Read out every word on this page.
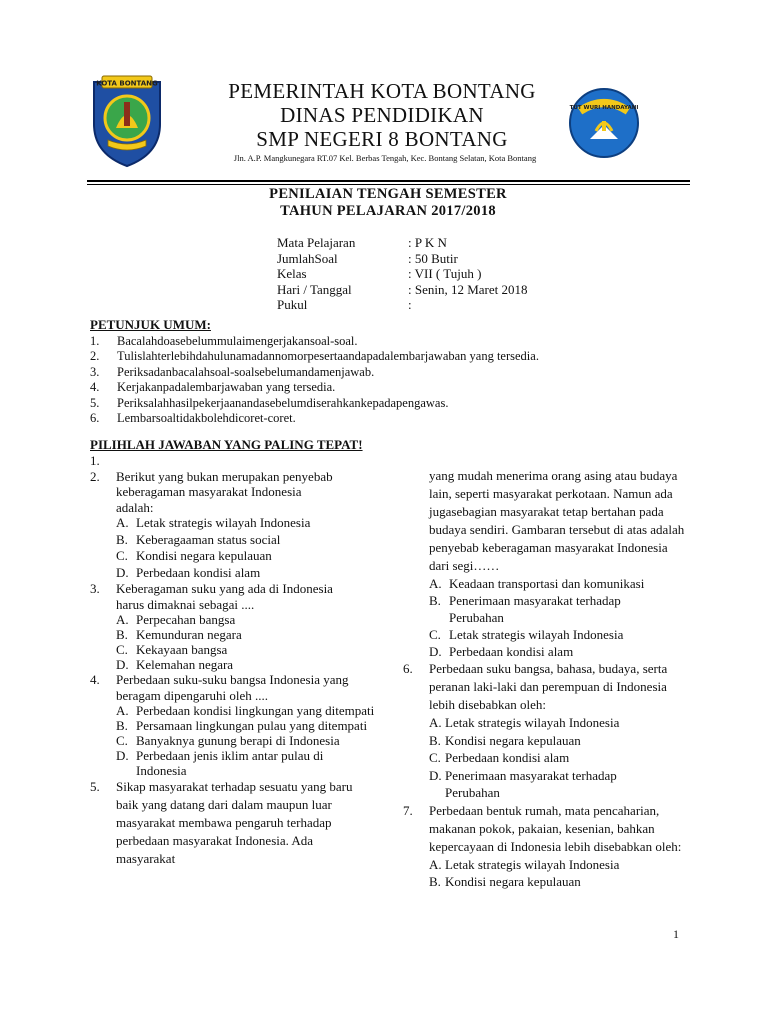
KOTA BONTANG	PEMERINTAH KOTA BONTANG
DINAS PENDIDIKAN
SMP NEGERI 8 BONTANG
Jln. A.P. Mangkunegara RT.07 Kel. Berbas Tengah, Kec. Bontang Selatan, Kota Bontang
TUT WURI HANDAYANI
PENILAIAN TENGAH SEMESTER
TAHUN PELAJARAN 2017/2018
Mata Pelajaran	: P K N
JumlahSoal	: 50 Butir
Kelas	: VII ( Tujuh )
Hari / Tanggal	: Senin, 12 Maret 2018
Pukul	:
PETUNJUK UMUM:
1.	Bacalahdoasebelummulaimengerjakansoal-soal.
2.	Tulislahterlebihdahulunamadannomorpesertaandapadalembarjawaban yang tersedia.
3.	Periksadanbacalahsoal-soalsebelumandamenjawab.
4.	Kerjakanpadalembarjawaban yang tersedia.
5.	Periksalahhasilpekerjaanandasebelumdiserahkankepadapengawas.
6.	Lembarsoaltidakbolehdicoret-coret.
PILIHLAH JAWABAN YANG PALING TEPAT!
1.
2.	Berikut yang bukan merupakan penyebab keberagaman masyarakat Indonesia adalah:
A. Letak strategis wilayah Indonesia
B. Keberagaaman status social
C. Kondisi negara kepulauan
D. Perbedaan kondisi alam
3.	Keberagaman suku yang ada di Indonesia harus dimaknai sebagai ....
A. Perpecahan bangsa
B. Kemunduran negara
C. Kekayaan bangsa
D. Kelemahan negara
4.	Perbedaan suku-suku bangsa Indonesia yang beragam dipengaruhi oleh ....
A. Perbedaan kondisi lingkungan yang ditempati
B. Persamaan lingkungan pulau yang ditempati
C. Banyaknya gunung berapi di Indonesia
D. Perbedaan jenis iklim antar pulau di Indonesia
5.	Sikap masyarakat terhadap sesuatu yang baru baik yang datang dari dalam maupun luar masyarakat membawa pengaruh terhadap perbedaan masyarakat Indonesia. Ada masyarakat
yang mudah menerima orang asing atau budaya lain, seperti masyarakat perkotaan. Namun ada jugasebagian masyarakat tetap bertahan pada budaya sendiri. Gambaran tersebut di atas adalah penyebab keberagaman masyarakat Indonesia dari segi……
A. Keadaan transportasi dan komunikasi
B. Penerimaan masyarakat terhadap Perubahan
C. Letak strategis wilayah Indonesia
D. Perbedaan kondisi alam
6.	Perbedaan suku bangsa, bahasa, budaya, serta peranan laki-laki dan perempuan di Indonesia lebih disebabkan oleh:
A. Letak strategis wilayah Indonesia
B. Kondisi negara kepulauan
C. Perbedaan kondisi alam
D. Penerimaan masyarakat terhadap Perubahan
7.	Perbedaan bentuk rumah, mata pencaharian, makanan pokok, pakaian, kesenian, bahkan kepercayaan di Indonesia lebih disebabkan oleh:
A. Letak strategis wilayah Indonesia
B. Kondisi negara kepulauan
1
